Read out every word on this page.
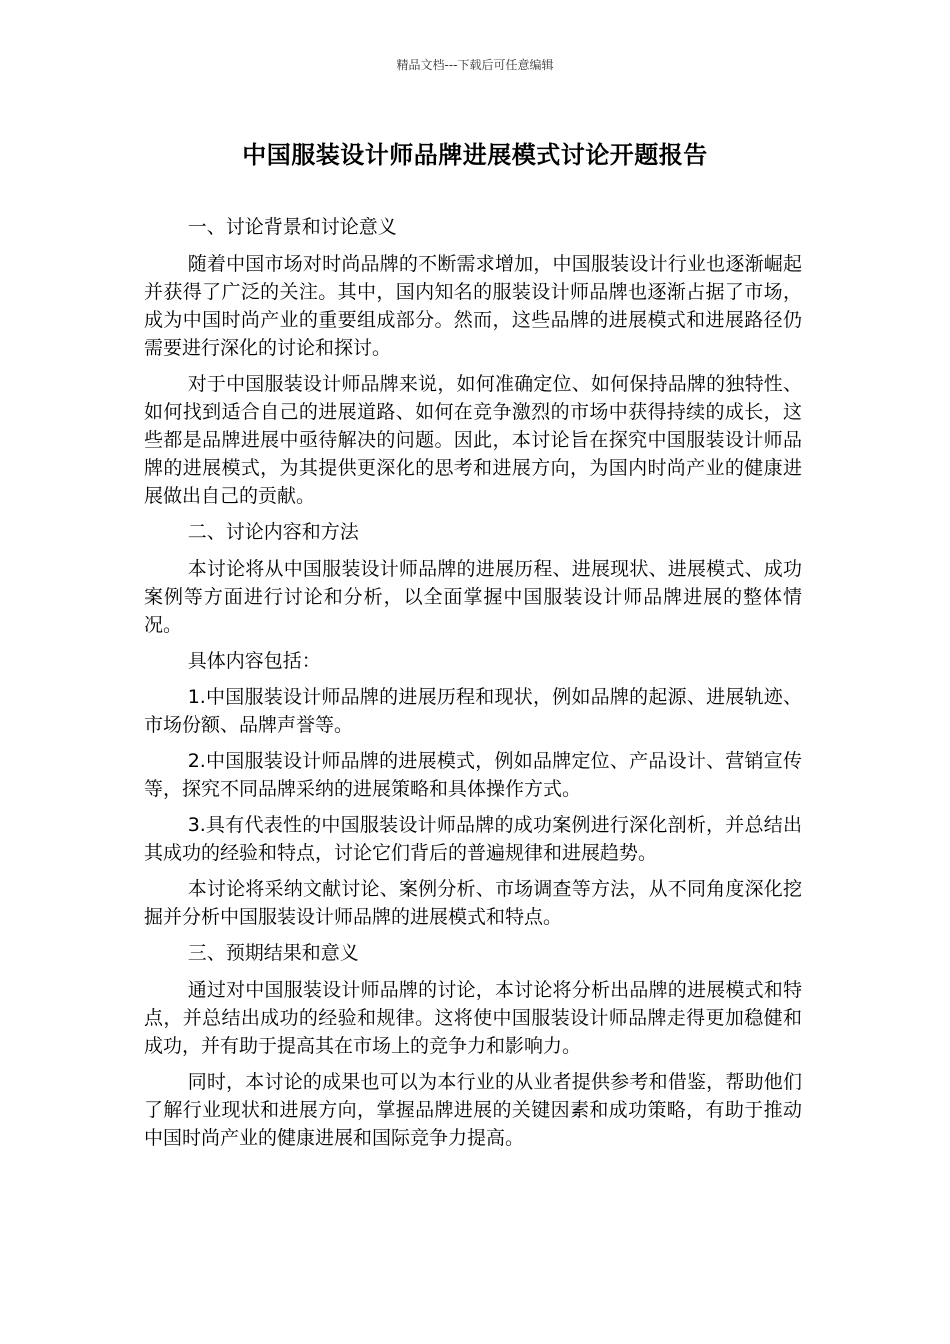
精品文档---下载后可任意编辑
中国服装设计师品牌进展模式讨论开题报告

一、讨论背景和讨论意义

随着中国市场对时尚品牌的不断需求增加，中国服装设计行业也逐渐崛起并获得了广泛的关注。其中，国内知名的服装设计师品牌也逐渐占据了市场，成为中国时尚产业的重要组成部分。然而，这些品牌的进展模式和进展路径仍需要进行深化的讨论和探讨。

对于中国服装设计师品牌来说，如何准确定位、如何保持品牌的独特性、如何找到适合自己的进展道路、如何在竞争激烈的市场中获得持续的成长，这些都是品牌进展中亟待解决的问题。因此，本讨论旨在探究中国服装设计师品牌的进展模式，为其提供更深化的思考和进展方向，为国内时尚产业的健康进展做出自己的贡献。

二、讨论内容和方法

本讨论将从中国服装设计师品牌的进展历程、进展现状、进展模式、成功案例等方面进行讨论和分析，以全面掌握中国服装设计师品牌进展的整体情况。

具体内容包括：

1.中国服装设计师品牌的进展历程和现状，例如品牌的起源、进展轨迹、市场份额、品牌声誉等。

2.中国服装设计师品牌的进展模式，例如品牌定位、产品设计、营销宣传等，探究不同品牌采纳的进展策略和具体操作方式。

3.具有代表性的中国服装设计师品牌的成功案例进行深化剖析，并总结出其成功的经验和特点，讨论它们背后的普遍规律和进展趋势。

本讨论将采纳文献讨论、案例分析、市场调查等方法，从不同角度深化挖掘并分析中国服装设计师品牌的进展模式和特点。

三、预期结果和意义

通过对中国服装设计师品牌的讨论，本讨论将分析出品牌的进展模式和特点，并总结出成功的经验和规律。这将使中国服装设计师品牌走得更加稳健和成功，并有助于提高其在市场上的竞争力和影响力。

同时，本讨论的成果也可以为本行业的从业者提供参考和借鉴，帮助他们了解行业现状和进展方向，掌握品牌进展的关键因素和成功策略，有助于推动中国时尚产业的健康进展和国际竞争力提高。
